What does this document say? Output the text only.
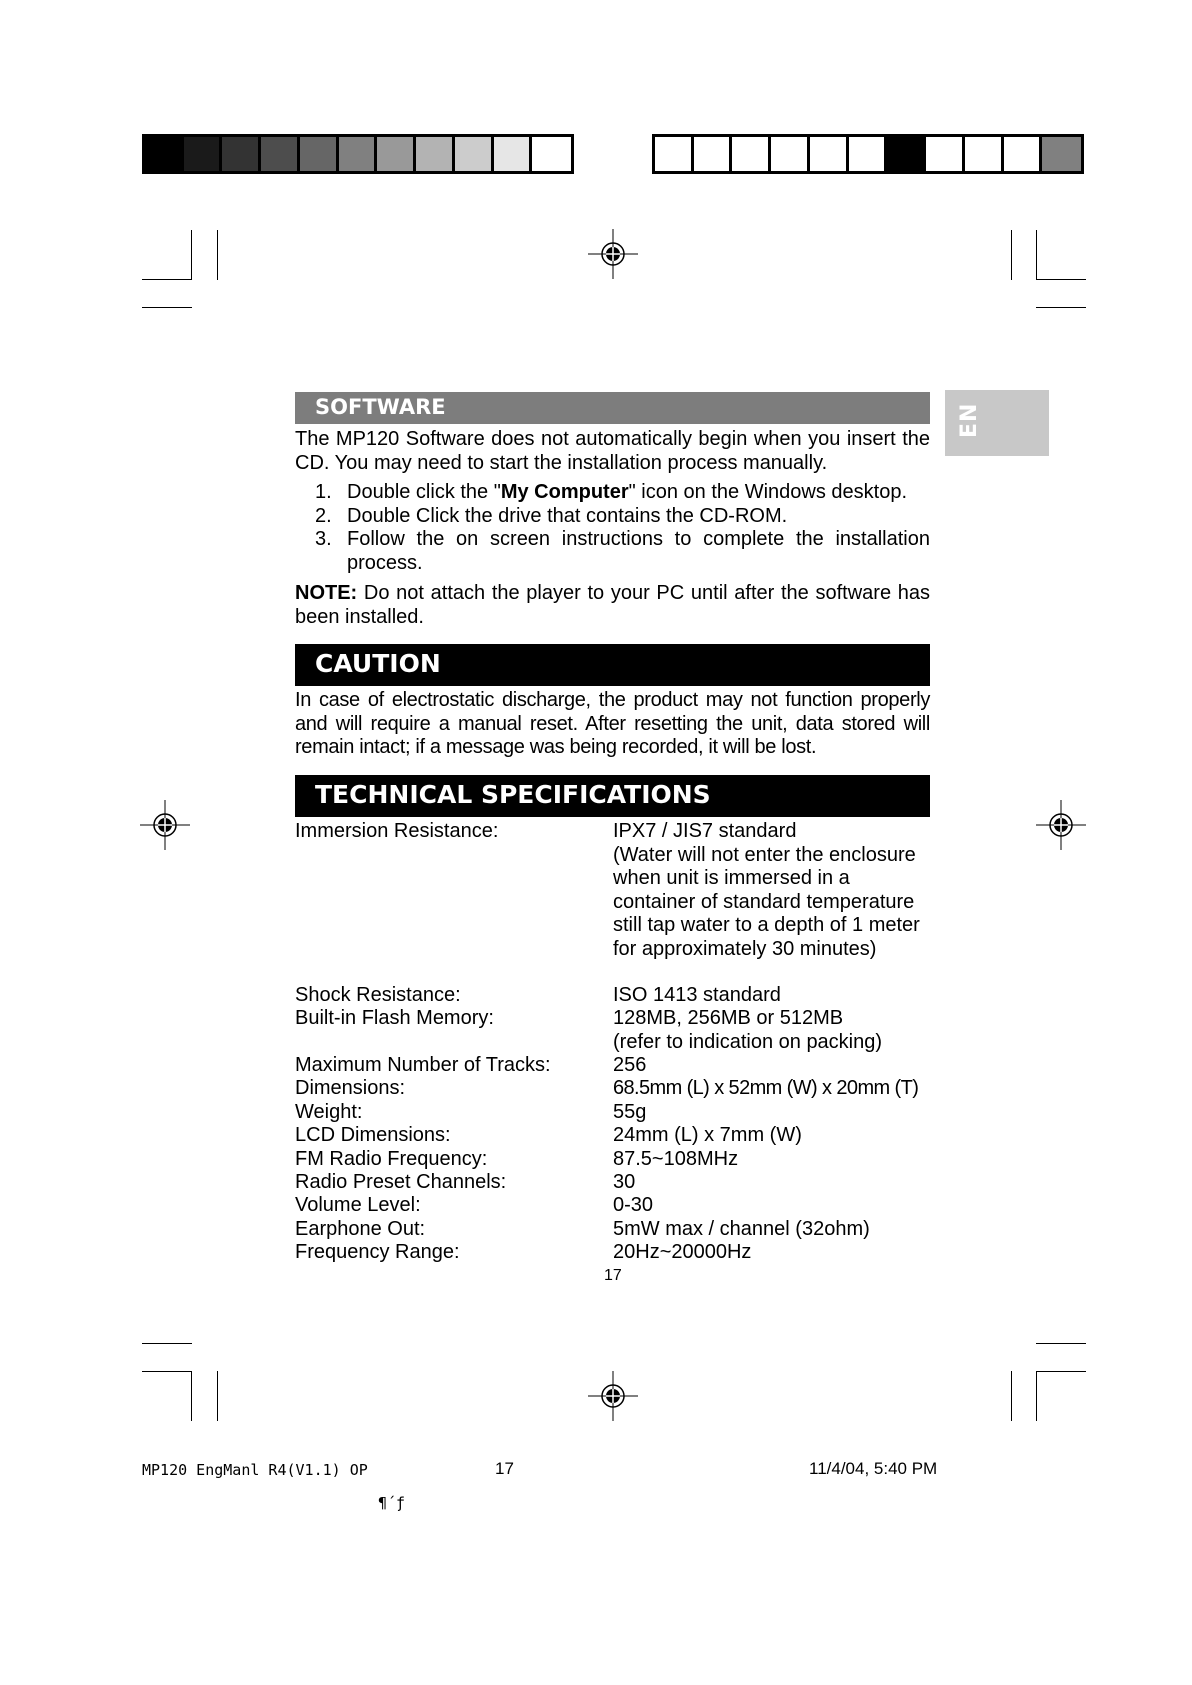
EN
SOFTWARE
The MP120 Software does not automatically begin when you insert the CD. You may need to start the installation process manually.
1. Double click the "My Computer" icon on the Windows desktop.
2. Double Click the drive that contains the CD-ROM.
3. Follow the on screen instructions to complete the installation process.
NOTE: Do not attach the player to your PC until after the software has been installed.
CAUTION
In case of electrostatic discharge, the product may not function properly and will require a manual reset. After resetting the unit, data stored will remain intact; if a message was being recorded, it will be lost.
TECHNICAL SPECIFICATIONS
Immersion Resistance:	IPX7 / JIS7 standard
(Water will not enter the enclosure when unit is immersed in a container of standard temperature still tap water to a depth of 1 meter for approximately 30 minutes)
Shock Resistance:	ISO 1413 standard
Built-in Flash Memory:	128MB, 256MB or 512MB
(refer to indication on packing)
Maximum Number of Tracks:	256
Dimensions:	68.5mm (L) x 52mm (W) x 20mm (T)
Weight:	55g
LCD Dimensions:	24mm (L) x 7mm (W)
FM Radio Frequency:	87.5~108MHz
Radio Preset Channels:	30
Volume Level:	0-30
Earphone Out:	5mW max / channel (32ohm)
Frequency Range:	20Hz~20000Hz
17
MP120 EngManl R4(V1.1) OP	17	11/4/04, 5:40 PM
¶´ƒ
